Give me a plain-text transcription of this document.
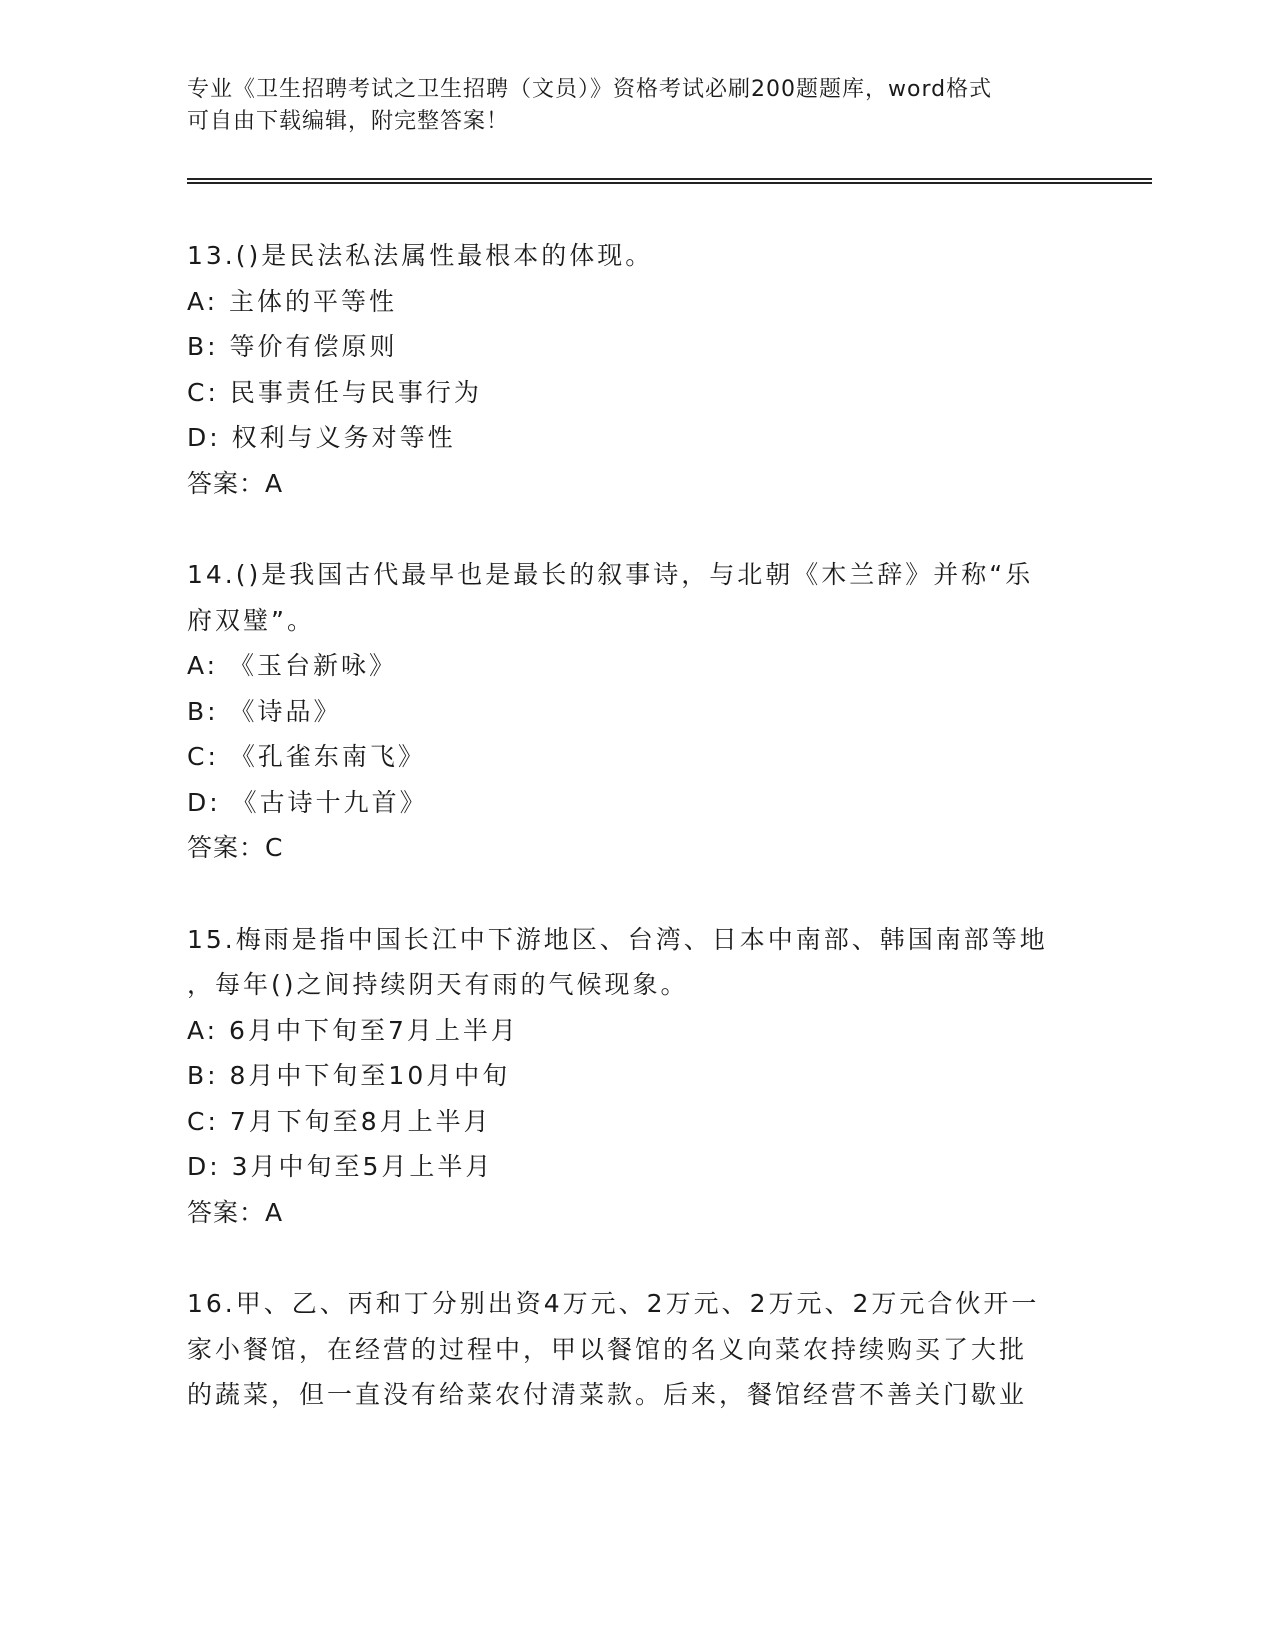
专业《卫生招聘考试之卫生招聘（文员）》资格考试必刷200题题库，word格式
可自由下载编辑，附完整答案！
13.()是民法私法属性最根本的体现。
A: 主体的平等性
B: 等价有偿原则
C: 民事责任与民事行为
D: 权利与义务对等性
答案：A
14.()是我国古代最早也是最长的叙事诗，与北朝《木兰辞》并称“乐
府双璧”。
A: 《玉台新咏》
B: 《诗品》
C: 《孔雀东南飞》
D: 《古诗十九首》
答案：C
15.梅雨是指中国长江中下游地区、台湾、日本中南部、韩国南部等地
，每年()之间持续阴天有雨的气候现象。
A: 6月中下旬至7月上半月
B: 8月中下旬至10月中旬
C: 7月下旬至8月上半月
D: 3月中旬至5月上半月
答案：A
16.甲、乙、丙和丁分别出资4万元、2万元、2万元、2万元合伙开一
家小餐馆，在经营的过程中，甲以餐馆的名义向菜农持续购买了大批
的蔬菜，但一直没有给菜农付清菜款。后来，餐馆经营不善关门歇业
